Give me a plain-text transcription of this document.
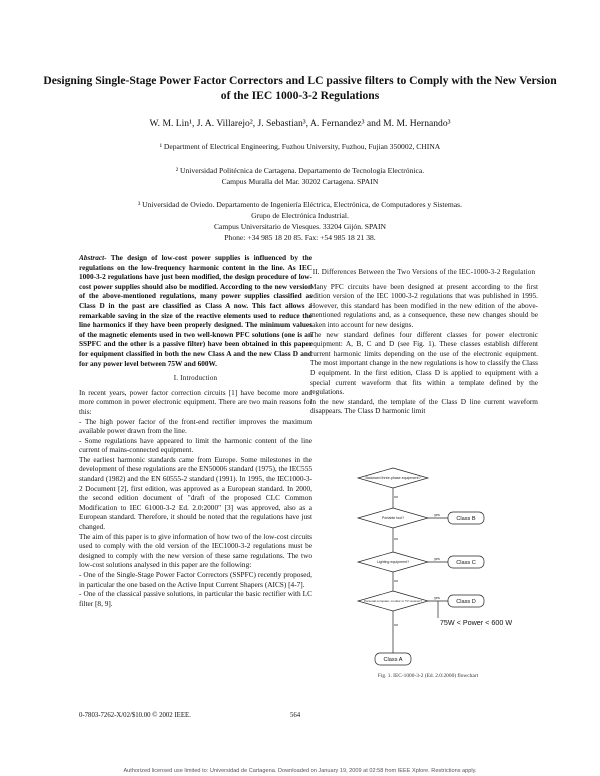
Designing Single-Stage Power Factor Correctors and LC passive filters to Comply with the New Version of the IEC 1000-3-2 Regulations
W. M. Lin¹, J. A. Villarejo², J. Sebastian³, A. Fernandez³ and M. M. Hernando³
¹ Department of Electrical Engineering, Fuzhou University, Fuzhou, Fujian 350002, CHINA
² Universidad Politécnica de Cartagena. Departamento de Tecnología Electrónica.
Campus Muralla del Mar. 30202 Cartagena. SPAIN
³ Universidad de Oviedo. Departamento de Ingeniería Eléctrica, Electrónica, de Computadores y Sistemas.
Grupo de Electrónica Industrial.
Campus Universitario de Viesques. 33204 Gijón. SPAIN
Phone: +34 985 18 20 85. Fax: +54 985 18 21 38.

Abstract- The design of low-cost power supplies is influenced by the regulations on the low-frequency harmonic content in the line. As IEC 1000-3-2 regulations have just been modified, the design procedure of low-cost power supplies should also be modified. According to the new version of the above-mentioned regulations, many power supplies classified as Class D in the past are classified as Class A now. This fact allows a remarkable saving in the size of the reactive elements used to reduce the line harmonics if they have been properly designed. The minimum values of the magnetic elements used in two well-known PFC solutions (one is an SSPFC and the other is a passive filter) have been obtained in this paper for equipment classified in both the new Class A and the new Class D and for any power level between 75W and 600W.

I. Introduction

In recent years, power factor correction circuits [1] have become more and more common in power electronic equipment. There are two main reasons for this:

- The high power factor of the front-end rectifier improves the maximum available power drawn from the line.

- Some regulations have appeared to limit the harmonic content of the line current of mains-connected equipment.

The earliest harmonic standards came from Europe. Some milestones in the development of these regulations are the EN50006 standard (1975), the IEC555 standard (1982) and the EN 60555-2 standard (1991). In 1995, the IEC1000-3-2 Document [2], first edition, was approved as a European standard. In 2000, the second edition document of "draft of the proposed CLC Common Modification to IEC 61000-3-2 Ed. 2.0:2000" [3] was approved, also as a European standard. Therefore, it should be noted that the regulations have just changed.

The aim of this paper is to give information of how two of the low-cost circuits used to comply with the old version of the IEC1000-3-2 regulations must be designed to comply with the new version of these same regulations. The two low-cost solutions analysed in this paper are the following:

- One of the Single-Stage Power Factor Correctors (SSPFC) recently proposed, in particular the one based on the Active Input Current Shapers (AICS) [4-7].

- One of the classical passive solutions, in particular the basic rectifier with LC filter [8, 9].

II. Differences Between the Two Versions of the IEC-1000-3-2 Regulation

Many PFC circuits have been designed at present according to the first edition version of the IEC 1000-3-2 regulations that was published in 1995. However, this standard has been modified in the new edition of the above-mentioned regulations and, as a consequence, these new changes should be taken into account for new designs.

The new standard defines four different classes for power electronic equipment: A, B, C and D (see Fig. 1). These classes establish different current harmonic limits depending on the use of the electronic equipment. The most important change in the new regulations is how to classify the Class D equipment. In the first edition, Class D is applied to equipment with a special current waveform that fits within a template defined by the regulations.

In the new standard, the template of the Class D line current waveform disappears. The Class D harmonic limit

Balanced three-phase equipment?
Portable tool?
Lighting equipment?
Personal computer, monitor or TV receiver?
no
no
no
yes
yes
yes
no
Class B
Class C
Class D
Class A
75W < Power < 600 W
Fig. 1. IEC-1000-3-2 (Ed. 2.0:2000) flowchart
0-7803-7262-X/02/$10.00 © 2002 IEEE.	564
Authorized licensed use limited to: Universidad de Cartagena. Downloaded on January 19, 2009 at 02:58 from IEEE Xplore. Restrictions apply.
